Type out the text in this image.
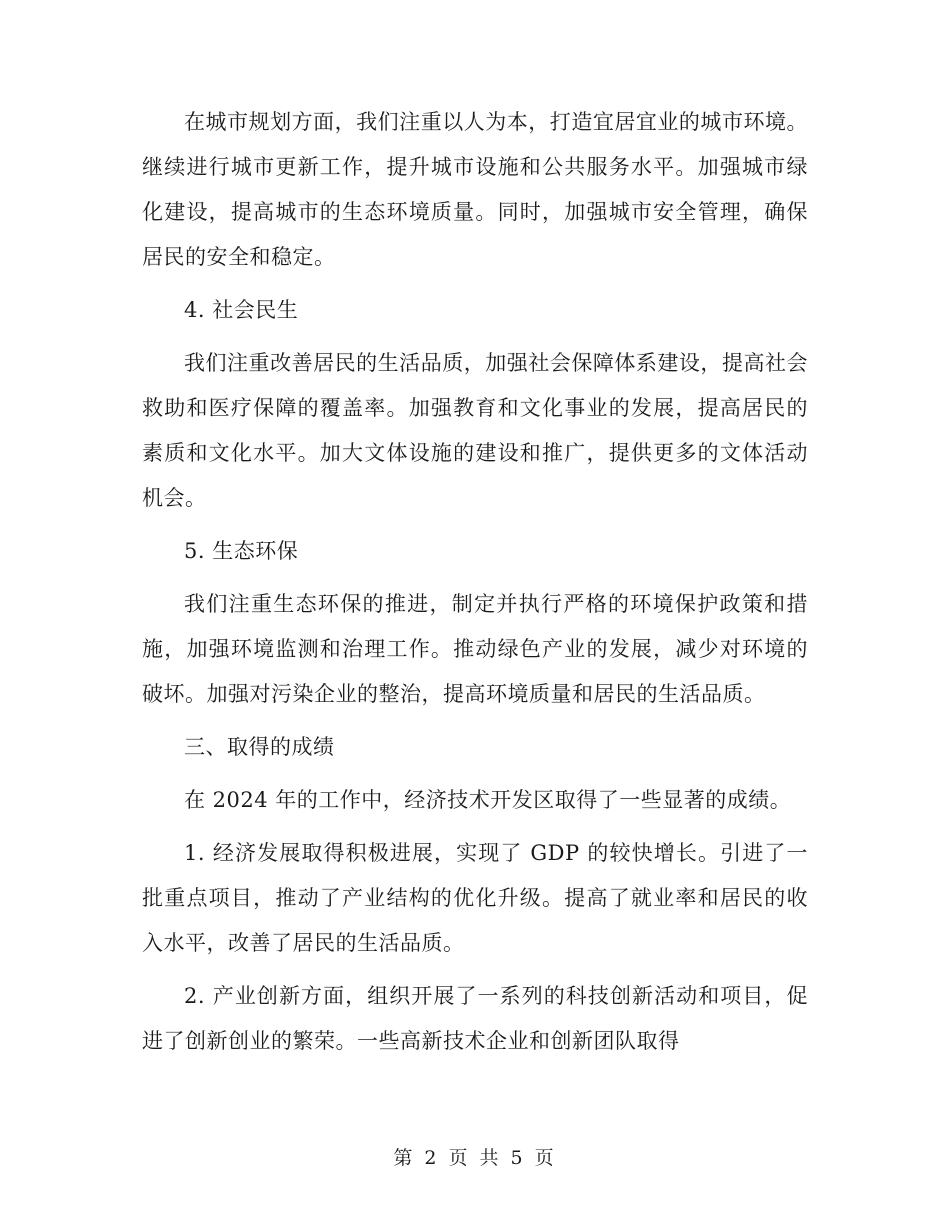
在城市规划方面，我们注重以人为本，打造宜居宜业的城市环境。继续进行城市更新工作，提升城市设施和公共服务水平。加强城市绿化建设，提高城市的生态环境质量。同时，加强城市安全管理，确保居民的安全和稳定。

4. 社会民生

我们注重改善居民的生活品质，加强社会保障体系建设，提高社会救助和医疗保障的覆盖率。加强教育和文化事业的发展，提高居民的素质和文化水平。加大文体设施的建设和推广，提供更多的文体活动机会。

5. 生态环保

我们注重生态环保的推进，制定并执行严格的环境保护政策和措施，加强环境监测和治理工作。推动绿色产业的发展，减少对环境的破坏。加强对污染企业的整治，提高环境质量和居民的生活品质。

三、取得的成绩

在 2024 年的工作中，经济技术开发区取得了一些显著的成绩。

1. 经济发展取得积极进展，实现了 GDP 的较快增长。引进了一批重点项目，推动了产业结构的优化升级。提高了就业率和居民的收入水平，改善了居民的生活品质。

2. 产业创新方面，组织开展了一系列的科技创新活动和项目，促进了创新创业的繁荣。一些高新技术企业和创新团队取得

第 2 页 共 5 页
